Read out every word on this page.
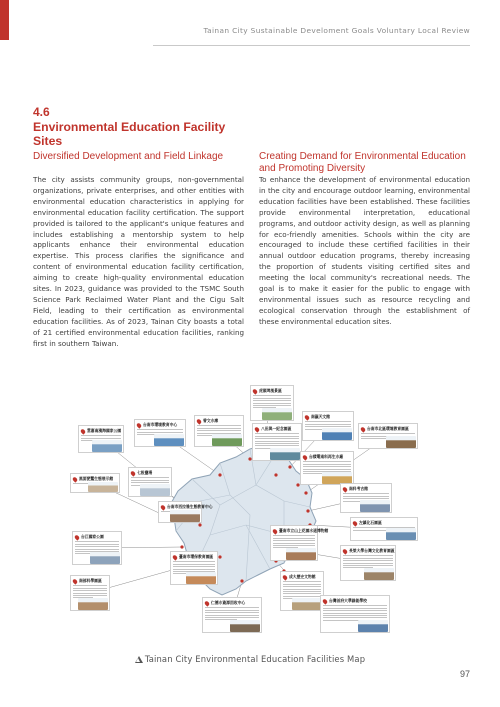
Tainan City Sustainable Develoment Goals Voluntary Local Review
4.6
Environmental Education Facility Sites
Diversified Development and Field Linkage
The city assists community groups, non-governmental organizations, private enterprises, and other entities with environmental education characteristics in applying for environmental education facility certification. The support provided is tailored to the applicant's unique features and includes establishing a mentorship system to help applicants enhance their environmental education expertise. This process clarifies the significance and content of environmental education facility certification, aiming to create high-quality environmental education sites. In 2023, guidance was provided to the TSMC South Science Park Reclaimed Water Plant and the Cigu Salt Field, leading to their certification as environmental education facilities. As of 2023, Tainan City boasts a total of 21 certified environmental education facilities, ranking first in southern Taiwan.
Creating Demand for Environmental Education and Promoting Diversity
To enhance the development of environmental education in the city and encourage outdoor learning, environmental education facilities have been established. These facilities provide environmental interpretation, educational programs, and outdoor activity design, as well as planning for eco-friendly amenities. Schools within the city are encouraged to include these certified facilities in their annual outdoor education programs, thereby increasing the proportion of students visiting certified sites and meeting the local community's recreational needs. The goal is to make it easier for the public to engage with environmental issues such as resource recycling and ecological conservation through the establishment of these environmental education sites.
雲嘉南濱海國家公園
台南市環境教育中心
曾文水庫
七股鹽場
黑面琵鷺生態展示館
台南市西拉雅生態教育中心
虎頭埤風景區
南瀛天文館
八田與一紀念園區
台積電南科再生水廠
台南市北區環境教育園區
南科考古館
左鎮化石園區
臺南市立山上花園水道博物館
長榮大學台灣文化教育園區
成大歷史文物館
仁德水資源回收中心
臺南市環保教育園區
台江國家公園
南部科學園區
台灣首府大學綠能學校
Tainan City Environmental Education Facilities Map
97
